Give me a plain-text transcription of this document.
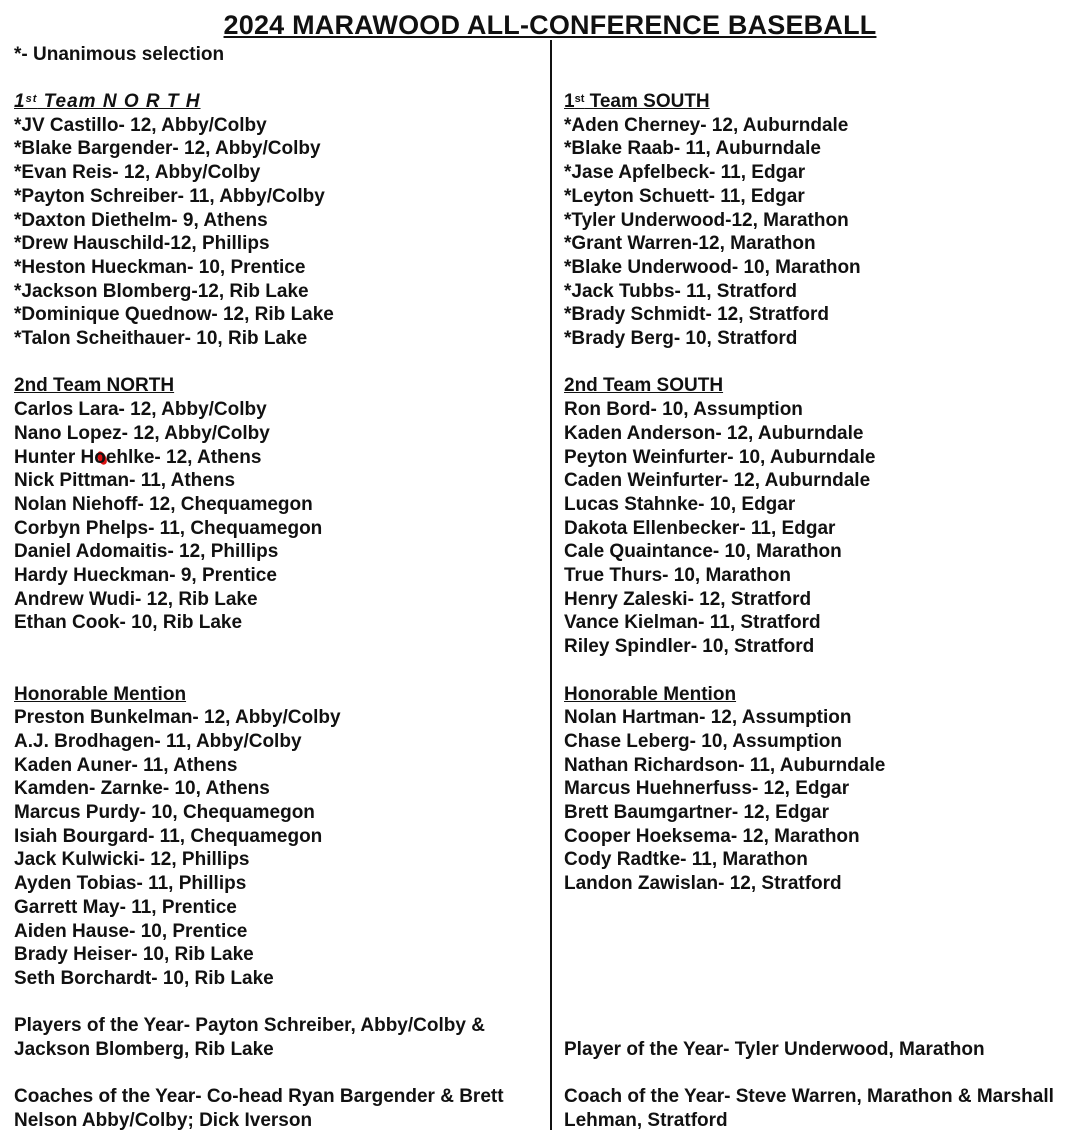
2024 MARAWOOD ALL-CONFERENCE BASEBALL
*- Unanimous selection
1st Team N O R T H
*JV Castillo- 12, Abby/Colby
*Blake Bargender- 12, Abby/Colby
*Evan Reis- 12, Abby/Colby
*Payton Schreiber- 11, Abby/Colby
*Daxton Diethelm- 9, Athens
*Drew Hauschild-12, Phillips
*Heston Hueckman- 10, Prentice
*Jackson Blomberg-12, Rib Lake
*Dominique Quednow- 12, Rib Lake
*Talon Scheithauer- 10, Rib Lake
2nd Team NORTH
Carlos Lara- 12, Abby/Colby
Nano Lopez- 12, Abby/Colby
Hunter Hoehlke- 12, Athens
Nick Pittman- 11, Athens
Nolan Niehoff- 12, Chequamegon
Corbyn Phelps- 11, Chequamegon
Daniel Adomaitis- 12, Phillips
Hardy Hueckman- 9, Prentice
Andrew Wudi- 12, Rib Lake
Ethan Cook- 10, Rib Lake
Honorable Mention
Preston Bunkelman- 12, Abby/Colby
A.J. Brodhagen- 11, Abby/Colby
Kaden Auner- 11, Athens
Kamden- Zarnke- 10, Athens
Marcus Purdy- 10, Chequamegon
Isiah Bourgard- 11, Chequamegon
Jack Kulwicki- 12, Phillips
Ayden Tobias- 11, Phillips
Garrett May- 11, Prentice
Aiden Hause- 10, Prentice
Brady Heiser- 10, Rib Lake
Seth Borchardt- 10, Rib Lake
Players of the Year- Payton Schreiber, Abby/Colby & Jackson Blomberg, Rib Lake
Coaches of the Year- Co-head Ryan Bargender & Brett Nelson Abby/Colby; Dick Iverson
1st Team SOUTH
*Aden Cherney- 12, Auburndale
*Blake Raab- 11, Auburndale
*Jase Apfelbeck- 11, Edgar
*Leyton Schuett- 11, Edgar
*Tyler Underwood-12, Marathon
*Grant Warren-12, Marathon
*Blake Underwood- 10, Marathon
*Jack Tubbs- 11, Stratford
*Brady Schmidt- 12, Stratford
*Brady Berg- 10, Stratford
2nd Team SOUTH
Ron Bord- 10, Assumption
Kaden Anderson- 12, Auburndale
Peyton Weinfurter- 10, Auburndale
Caden Weinfurter- 12, Auburndale
Lucas Stahnke- 10, Edgar
Dakota Ellenbecker- 11, Edgar
Cale Quaintance- 10, Marathon
True Thurs- 10, Marathon
Henry Zaleski- 12, Stratford
Vance Kielman- 11, Stratford
Riley Spindler- 10, Stratford
Honorable Mention
Nolan Hartman- 12, Assumption
Chase Leberg- 10, Assumption
Nathan Richardson- 11, Auburndale
Marcus Huehnerfuss- 12, Edgar
Brett Baumgartner- 12, Edgar
Cooper Hoeksema- 12, Marathon
Cody Radtke- 11, Marathon
Landon Zawislan- 12, Stratford
Player of the Year- Tyler Underwood, Marathon
Coach of the Year- Steve Warren, Marathon & Marshall Lehman, Stratford
